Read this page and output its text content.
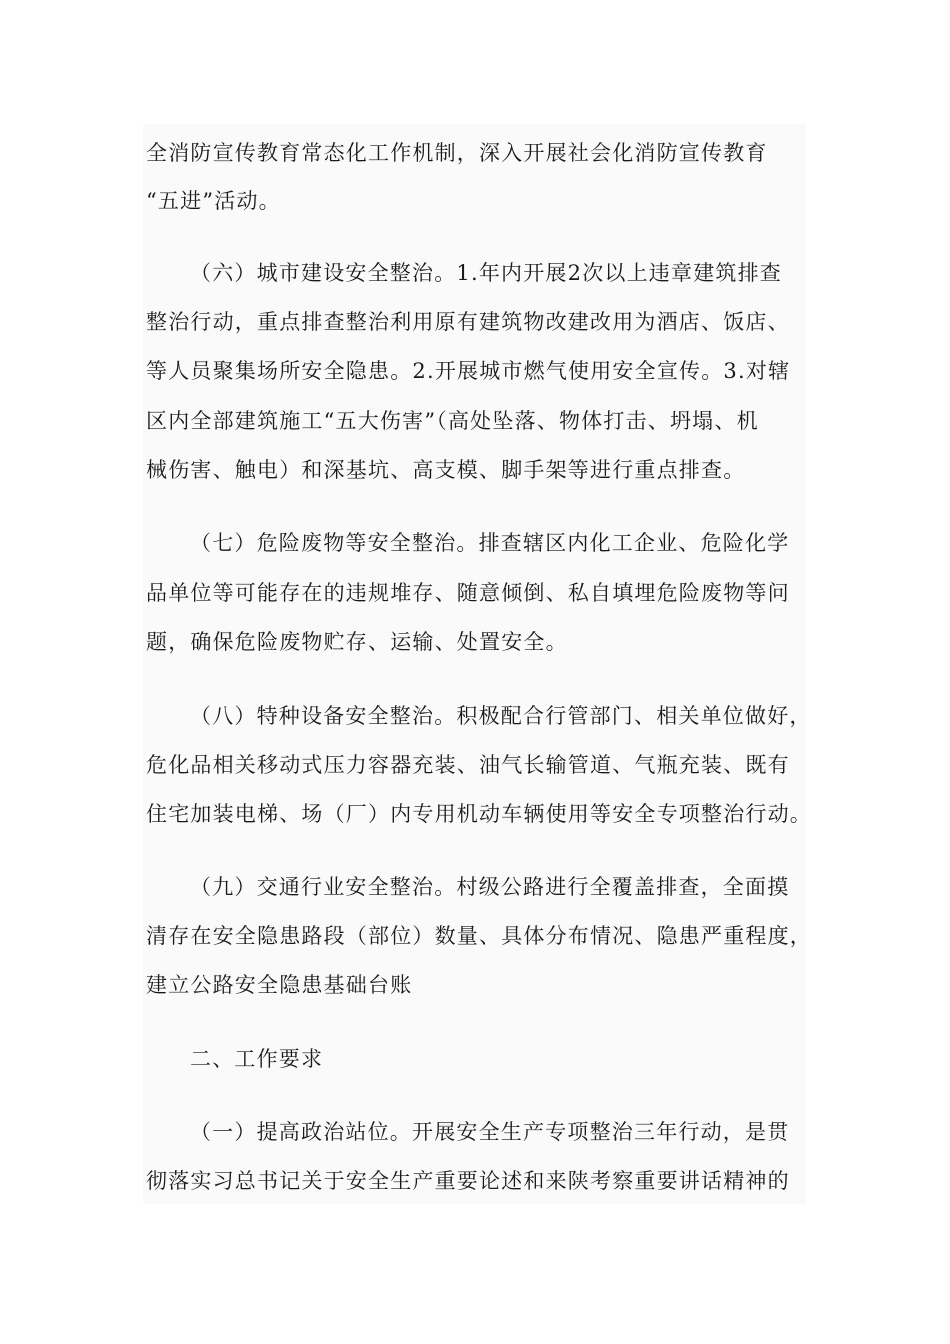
全消防宣传教育常态化工作机制，深入开展社会化消防宣传教育
“五进”活动。
（六）城市建设安全整治。1.年内开展2次以上违章建筑排查
整治行动，重点排查整治利用原有建筑物改建改用为酒店、饭店、
等人员聚集场所安全隐患。2.开展城市燃气使用安全宣传。3.对辖
区内全部建筑施工“五大伤害”（高处坠落、物体打击、坍塌、机
械伤害、触电）和深基坑、高支模、脚手架等进行重点排查。
（七）危险废物等安全整治。排查辖区内化工企业、危险化学
品单位等可能存在的违规堆存、随意倾倒、私自填埋危险废物等问
题，确保危险废物贮存、运输、处置安全。
（八）特种设备安全整治。积极配合行管部门、相关单位做好，
危化品相关移动式压力容器充装、油气长输管道、气瓶充装、既有
住宅加装电梯、场（厂）内专用机动车辆使用等安全专项整治行动。
（九）交通行业安全整治。村级公路进行全覆盖排查，全面摸
清存在安全隐患路段（部位）数量、具体分布情况、隐患严重程度，
建立公路安全隐患基础台账
二、工作要求
（一）提高政治站位。开展安全生产专项整治三年行动，是贯
彻落实习总书记关于安全生产重要论述和来陕考察重要讲话精神的
